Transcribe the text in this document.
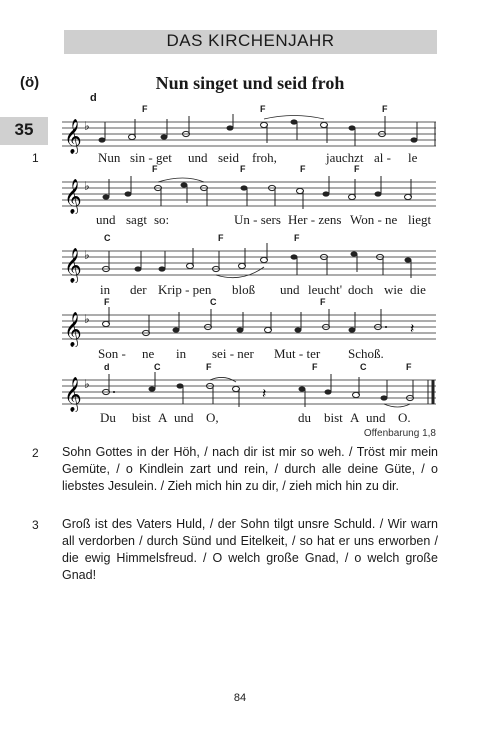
DAS KIRCHENJAHR
(ö)	Nun singet und seid froh
35
1
F	F	F
d
𝄞 ♭
Nun sin - get und seid froh,	jauchzt al - le
F	F	F	F
𝄞 ♭
und sagt so:	Un - sers Her - zens Won - ne liegt
C	F	F
𝄞 ♭
in der Krip - pen bloß und leucht' doch wie die
F	C	F
𝄞 ♭
𝄽
Son - ne in sei - ner Mut - ter Schoß.
d	C	F	F	C	F
𝄞 ♭
𝄽
Du bist A und O,	du bist A und O.
Offenbarung 1,8
2 Sohn Gottes in der Höh, / nach dir ist mir so weh. / Tröst mir mein Gemüte, / o Kindlein zart und rein, / durch alle deine Güte, / o liebstes Jesulein. / Zieh mich hin zu dir, / zieh mich hin zu dir.
3 Groß ist des Vaters Huld, / der Sohn tilgt unsre Schuld. / Wir warn all verdorben / durch Sünd und Eitelkeit, / so hat er uns erworben / die ewig Himmelsfreud. / O welch große Gnad, / o welch große Gnad!
84
